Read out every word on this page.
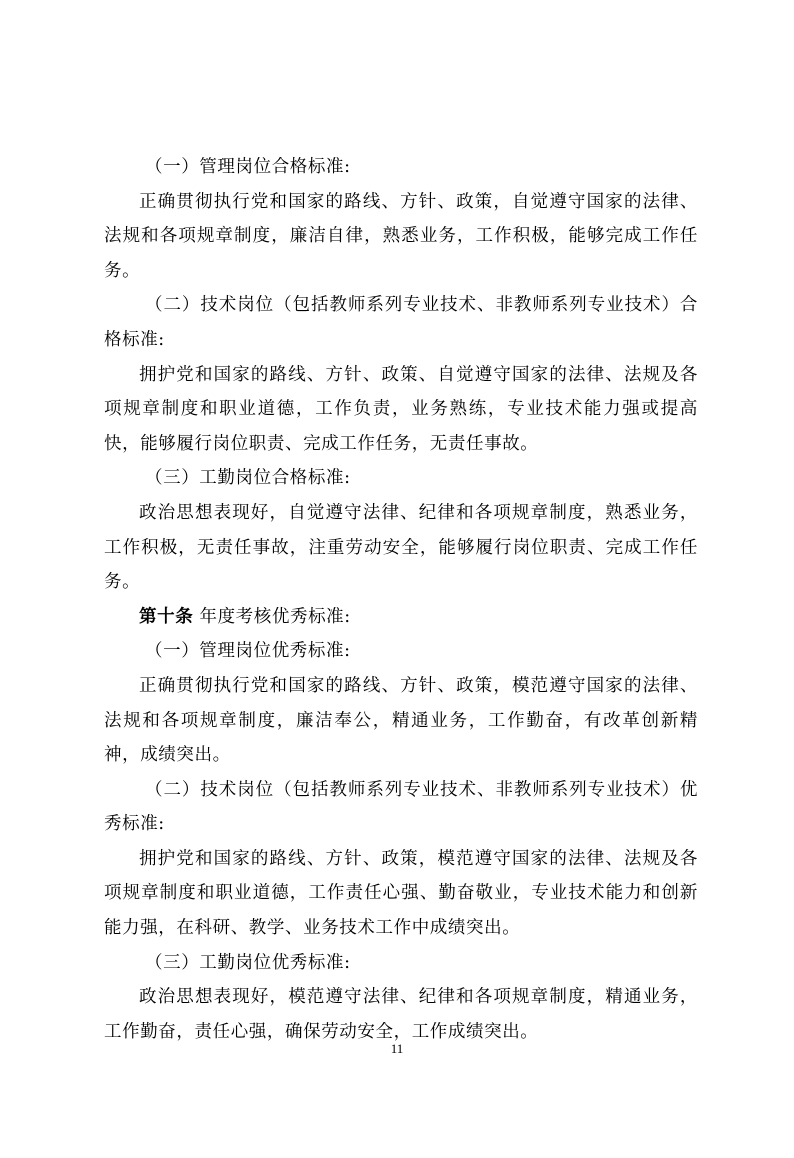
（一）管理岗位合格标准:

正确贯彻执行党和国家的路线、方针、政策，自觉遵守国家的法律、法规和各项规章制度，廉洁自律，熟悉业务，工作积极，能够完成工作任务。

（二）技术岗位（包括教师系列专业技术、非教师系列专业技术）合格标准:

拥护党和国家的路线、方针、政策、自觉遵守国家的法律、法规及各项规章制度和职业道德，工作负责，业务熟练，专业技术能力强或提高快，能够履行岗位职责、完成工作任务，无责任事故。

（三）工勤岗位合格标准:

政治思想表现好，自觉遵守法律、纪律和各项规章制度，熟悉业务，工作积极，无责任事故，注重劳动安全，能够履行岗位职责、完成工作任务。

第十条 年度考核优秀标准:

（一）管理岗位优秀标准:

正确贯彻执行党和国家的路线、方针、政策，模范遵守国家的法律、法规和各项规章制度，廉洁奉公，精通业务，工作勤奋，有改革创新精神，成绩突出。

（二）技术岗位（包括教师系列专业技术、非教师系列专业技术）优秀标准:

拥护党和国家的路线、方针、政策，模范遵守国家的法律、法规及各项规章制度和职业道德，工作责任心强、勤奋敬业，专业技术能力和创新能力强，在科研、教学、业务技术工作中成绩突出。

（三）工勤岗位优秀标准:

政治思想表现好，模范遵守法律、纪律和各项规章制度，精通业务，工作勤奋，责任心强，确保劳动安全，工作成绩突出。

11
